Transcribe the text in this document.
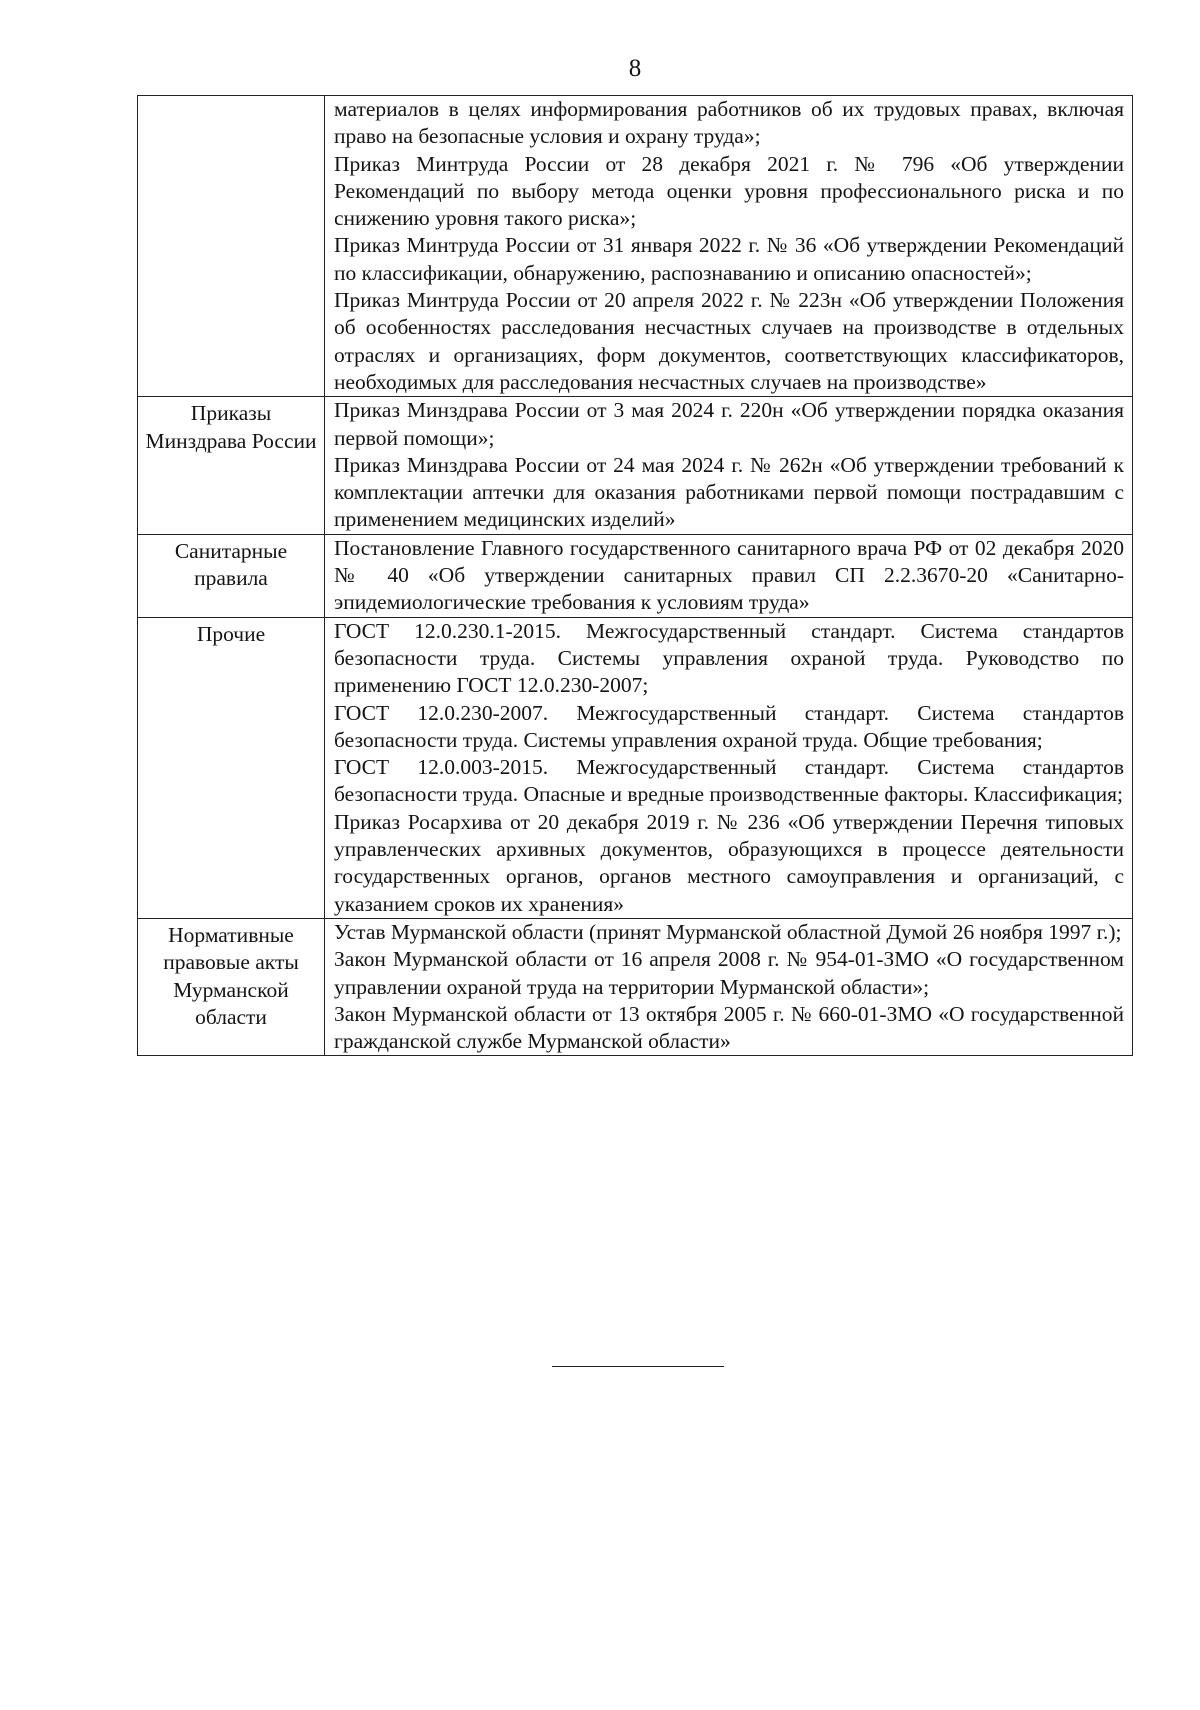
8

	материалов в целях информирования работников об их трудовых правах, включая право на безопасные условия и охрану труда»;
Приказ Минтруда России от 28 декабря 2021 г. № 796 «Об утверждении Рекомендаций по выбору метода оценки уровня профессионального риска и по снижению уровня такого риска»;
Приказ Минтруда России от 31 января 2022 г. № 36 «Об утверждении Рекомендаций по классификации, обнаружению, распознаванию и описанию опасностей»;
Приказ Минтруда России от 20 апреля 2022 г. № 223н «Об утверждении Положения об особенностях расследования несчастных случаев на производстве в отдельных отраслях и организациях, форм документов, соответствующих классификаторов, необходимых для расследования несчастных случаев на производстве»

Приказы Минздрава России	Приказ Минздрава России от 3 мая 2024 г. 220н «Об утверждении порядка оказания первой помощи»;
Приказ Минздрава России от 24 мая 2024 г. № 262н «Об утверждении требований к комплектации аптечки для оказания работниками первой помощи пострадавшим с применением медицинских изделий»

Санитарные правила	Постановление Главного государственного санитарного врача РФ от 02 декабря 2020 № 40 «Об утверждении санитарных правил СП 2.2.3670-20 «Санитарно-эпидемиологические требования к условиям труда»

Прочие	ГОСТ 12.0.230.1-2015. Межгосударственный стандарт. Система стандартов безопасности труда. Системы управления охраной труда. Руководство по применению ГОСТ 12.0.230-2007;
ГОСТ 12.0.230-2007. Межгосударственный стандарт. Система стандартов безопасности труда. Системы управления охраной труда. Общие требования;
ГОСТ 12.0.003-2015. Межгосударственный стандарт. Система стандартов безопасности труда. Опасные и вредные производственные факторы. Классификация;
Приказ Росархива от 20 декабря 2019 г. № 236 «Об утверждении Перечня типовых управленческих архивных документов, образующихся в процессе деятельности государственных органов, органов местного самоуправления и организаций, с указанием сроков их хранения»

Нормативные правовые акты Мурманской области	Устав Мурманской области (принят Мурманской областной Думой 26 ноября 1997 г.);
Закон Мурманской области от 16 апреля 2008 г. № 954-01-ЗМО «О государственном управлении охраной труда на территории Мурманской области»;
Закон Мурманской области от 13 октября 2005 г. № 660-01-ЗМО «О государственной гражданской службе Мурманской области»
